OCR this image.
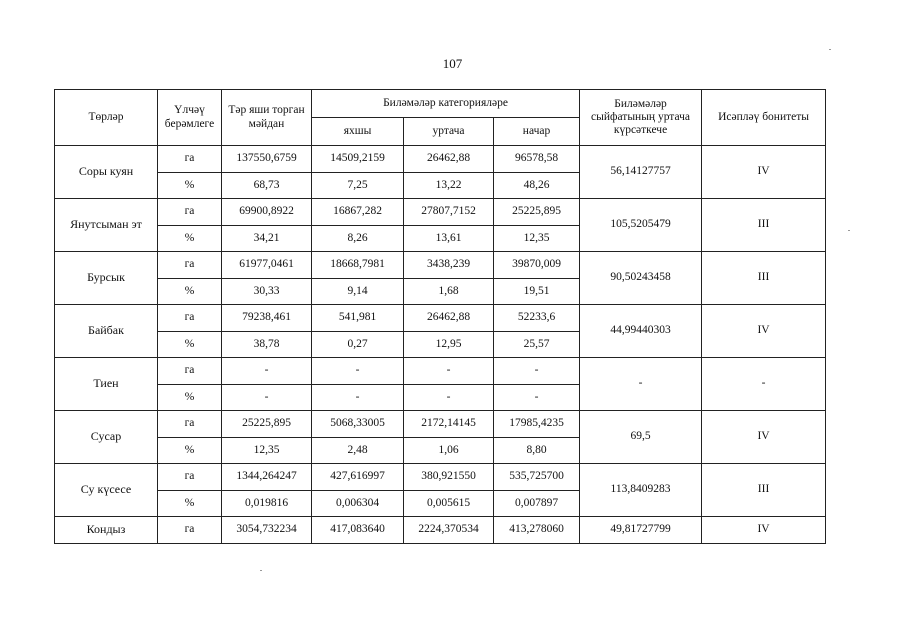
107
Төрләр	Үлчәү берәмлеге	Тәр яши торган мәйдан	Биләмәләр категорияләре			Биләмәләр сыйфатының уртача күрсәткече	Исәпләү бонитеты
			яхшы	уртача	начар		
Соры куян	га	137550,6759	14509,2159	26462,88	96578,58	56,14127757	IV
	%	68,73	7,25	13,22	48,26		
Янутсыман эт	га	69900,8922	16867,282	27807,7152	25225,895	105,5205479	III
	%	34,21	8,26	13,61	12,35		
Бурсык	га	61977,0461	18668,7981	3438,239	39870,009	90,50243458	III
	%	30,33	9,14	1,68	19,51		
Байбак	га	79238,461	541,981	26462,88	52233,6	44,99440303	IV
	%	38,78	0,27	12,95	25,57		
Тиен	га	-	-	-	-	-	-
	%	-	-	-	-		
Сусар	га	25225,895	5068,33005	2172,14145	17985,4235	69,5	IV
	%	12,35	2,48	1,06	8,80		
Су күсесе	га	1344,264247	427,616997	380,921550	535,725700	113,8409283	III
	%	0,019816	0,006304	0,005615	0,007897		
Кондыз	га	3054,732234	417,083640	2224,370534	413,278060	49,81727799	IV
